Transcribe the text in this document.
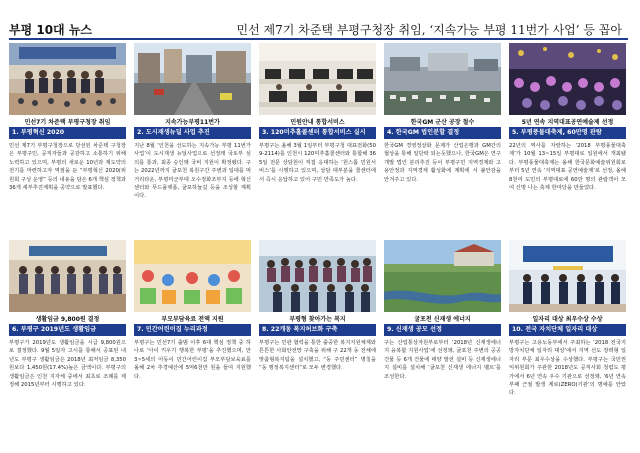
부평 10대 뉴스	민선 제7기 차준택 부평구청장 취임, ‘지속가능 부평 11번가 사업’ 등 꼽아
민선7기 차준택 부평구청장 취임
1. 부평혁신 2020
민선 제7기 부평구청장으로 당선된 차준택 구청장은 부평구민, 공직자들과 공감하고 소통하기 위해 노력하고 있으며, 부평의 새로운 10년과 재도약의 전기를 마련하고자 역점을 둔 “부평혁신 2020(위원회 구성 운영” 등의 내용을 담은 6개 핵심 정책과 36개 세부추진계획을 공약으로 발표했다.
지속가능부평11번가
2. 도시재생뉴딜 사업 추진
지난 8월 ‘인천을 선도하는 지속가능 부평 11번가 사업’이 도시재생 뉴딜사업으로 선정돼 국토부 심의를 통과, 최종 승인돼 국비 지원이 확정됐다. 구는 2022년까지 굴포천 복원구간 주변과 일대를 먹거리타운, 부평미군부대 오수정화조부지 등에 혁신센터와 푸드플랫폼, 굴포하늘길 등을 조성할 계획이다.
민원안내 통합서비스
3. 120미추홀콜센터 통합서비스 실시
부평구는 올해 3월 1일부터 부평구청 대표전화(509-2114)를 인천시 120미추홀콜센터와 통합해 365일 전문 상담원이 직접 응대하는 ‘원스톱 민원서비스’를 시행하고 있으며, 상담 대부분을 콜센터에서 즉시 응답하고 있어 구민 만족도가 높다.
한국GM 군산 공장 철수
4. 한국GM 법인분할 결정
한국GM 경영정상화 문제가 산업은행과 GM간의 협상을 통해 일단락 되는듯했으나, 한국GM은 연구개발 법인 분리추진 등이 부평구민 지역경제와 고용안정과 지역경제 활성화에 계획에 서 불안감을 안겨주고 있다.
5년 연속 지역대표공연예술제 선정
5. 부평풍물대축제, 60만명 관람
22년의 역사를 자랑하는 ‘2018 부평풍물대축제’가 10월 13~15일 부평대로 일원에서 개최됐다. 부평풍물대축제는 올해 한국문화예술위원회로부터 5년 연속 ‘지역대표 공연예술제’로 선정, 올해 8천여 도민의 부평대로에 60만 명의 관람객이 모여 신명 나는 축제 한마당을 만들었다.
생활임금 9,800원 결정
6. 부평구 2019년도 생활임금
부평구가 2019년도 생활임금을 시급 9,800원으로 결정했다. 9월 5일자 고시를 통해서 공표된 내년도 부평구 생활임금은 2018년 최저임금 8,350원보다 1,450원(17.4%)높은 금액이다. 부평구의 생활임금은 인천 지자체 중에서 최초로 조례를 제정해 2015년부터 시행하고 있다.
부모부담육료 전액 지원
7. 민간어린이집 누리과정
부평구는 민선7기 출범 이후 6대 핵심 정책 중 하나로 ‘아이 키우기 행복한 부평’을 추진했으며, 만 3~5세의 아동이 민간어린이집 부모부담보육료를 올해 2차 추경예산에 5억6천만 원을 들여 지원했다.
부평형 찾아가는 복지
8. 22개동 복지허브화 구축
부평구는 민관 협력을 통한 출중한 복지지원체계와 튼튼한 사회안전망 구축을 위해 구 22개 동 전체에 맞춤형복지팀을 설치했고, “동 주민센터” 명칭을 “동 행정복지센터”로 모두 변경했다.
굴포천 신재생 에너지
9. 신재생 공모 선정
구는 산업통상자원부로부터 ‘2018년 신재생에너지 융복합 지원사업’에 선정돼, 굴포천 주변의 공공건물 등 6개 건물에 태양 발전 설비 등 신재생에너지 설비를 설치해 ‘굴포천 신재생 에너지 벨트’를 조성한다.
일자리 대상 최우수상 수상
10. 전국 자치단체 일자리 대상
부평구는 고용노동부에서 주최하는 ‘2018 전국지방자치단체 일자리 대상’에서 지역 선도 장려형 일자리 부문 최우수상을 수상했다. 부평구는 국민권익위원회가 주관한 2018년도 공직사회 청렴도 평가에서 6년 연속 우수 기관으로 선정돼, ‘6년 연속 부패 근절 발생 제로(ZERO)기관’의 명예를 안았다.
